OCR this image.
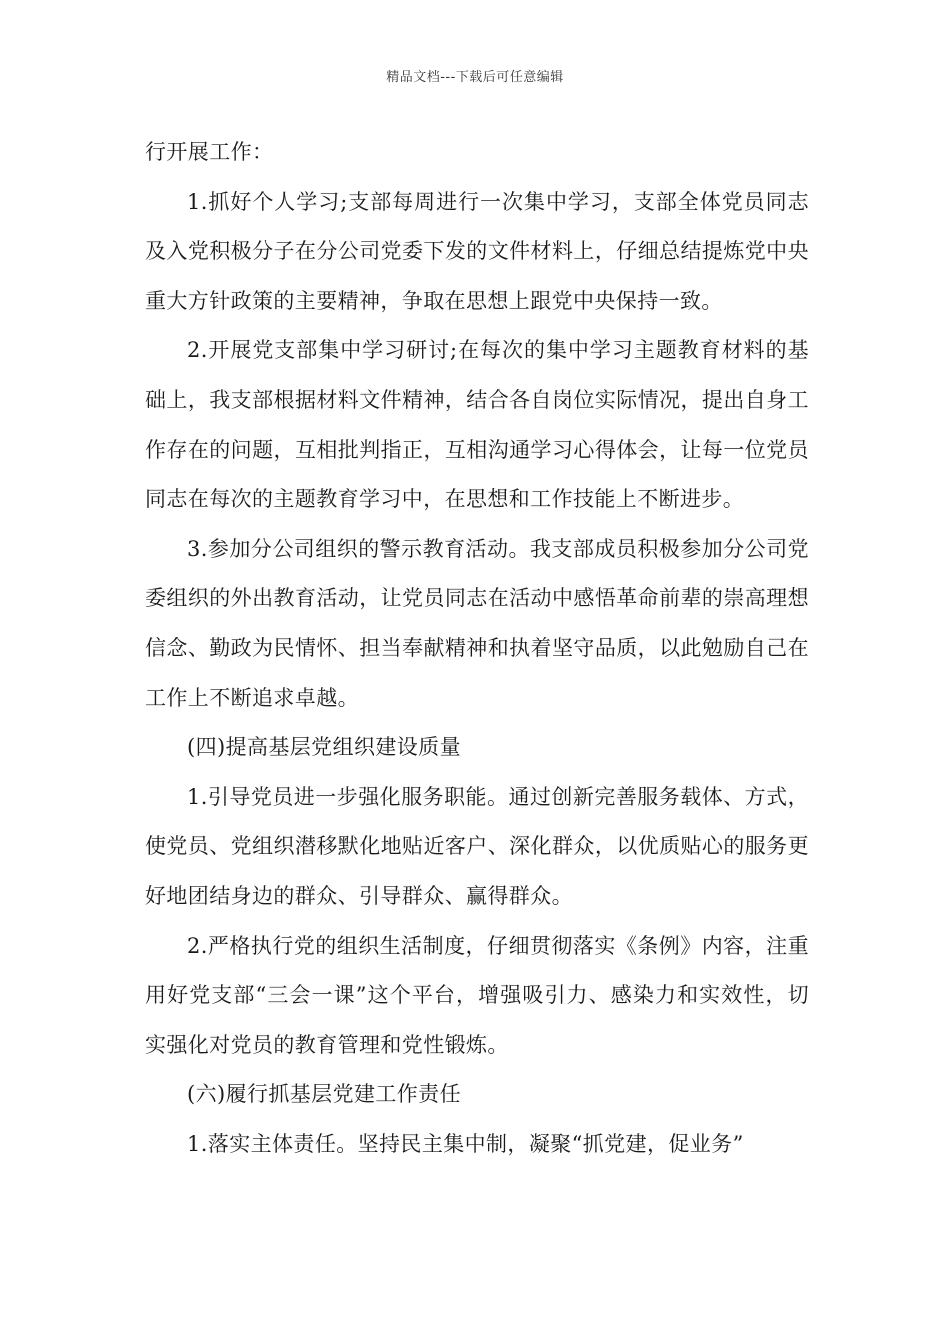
精品文档---下载后可任意编辑

行开展工作：

1.抓好个人学习;支部每周进行一次集中学习，支部全体党员同志及入党积极分子在分公司党委下发的文件材料上，仔细总结提炼党中央重大方针政策的主要精神，争取在思想上跟党中央保持一致。

2.开展党支部集中学习研讨;在每次的集中学习主题教育材料的基础上，我支部根据材料文件精神，结合各自岗位实际情况，提出自身工作存在的问题，互相批判指正，互相沟通学习心得体会，让每一位党员同志在每次的主题教育学习中，在思想和工作技能上不断进步。

3.参加分公司组织的警示教育活动。我支部成员积极参加分公司党委组织的外出教育活动，让党员同志在活动中感悟革命前辈的崇高理想信念、勤政为民情怀、担当奉献精神和执着坚守品质，以此勉励自己在工作上不断追求卓越。

(四)提高基层党组织建设质量

1.引导党员进一步强化服务职能。通过创新完善服务载体、方式，使党员、党组织潜移默化地贴近客户、深化群众，以优质贴心的服务更好地团结身边的群众、引导群众、赢得群众。

2.严格执行党的组织生活制度，仔细贯彻落实《条例》内容，注重用好党支部“三会一课”这个平台，增强吸引力、感染力和实效性，切实强化对党员的教育管理和党性锻炼。

(六)履行抓基层党建工作责任

1.落实主体责任。坚持民主集中制，凝聚“抓党建，促业务”
